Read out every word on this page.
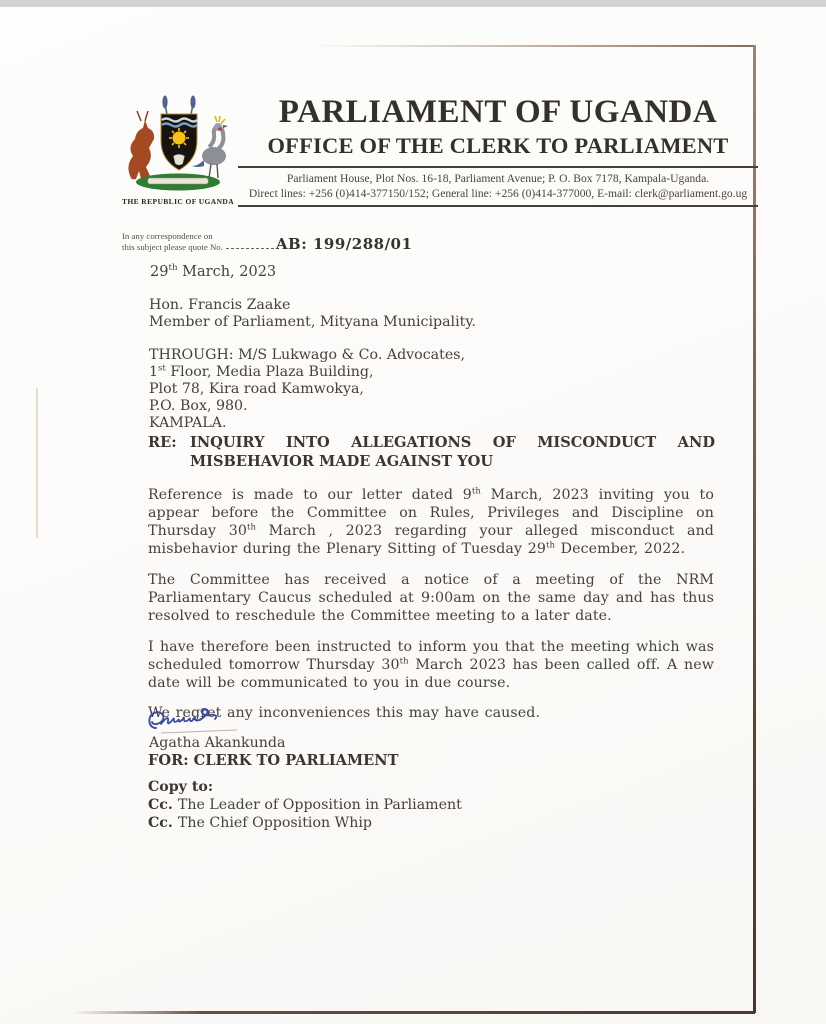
THE REPUBLIC OF UGANDA
PARLIAMENT OF UGANDA
OFFICE OF THE CLERK TO PARLIAMENT
Parliament House, Plot Nos. 16-18, Parliament Avenue; P. O. Box 7178, Kampala-Uganda.
Direct lines: +256 (0)414-377150/152; General line: +256 (0)414-377000, E-mail: clerk@parliament.go.ug
In any correspondence on
this subject please quote No.	AB: 199/288/01
29th March, 2023
Hon. Francis Zaake
Member of Parliament, Mityana Municipality.
THROUGH: M/S Lukwago & Co. Advocates,
1st Floor, Media Plaza Building,
Plot 78, Kira road Kamwokya,
P.O. Box, 980.
KAMPALA.
RE: INQUIRY INTO ALLEGATIONS OF MISCONDUCT AND MISBEHAVIOR MADE AGAINST YOU

Reference is made to our letter dated 9th March, 2023 inviting you to appear before the Committee on Rules, Privileges and Discipline on Thursday 30th March , 2023 regarding your alleged misconduct and misbehavior during the Plenary Sitting of Tuesday 29th December, 2022.

The Committee has received a notice of a meeting of the NRM Parliamentary Caucus scheduled at 9:00am on the same day and has thus resolved to reschedule the Committee meeting to a later date.

I have therefore been instructed to inform you that the meeting which was scheduled tomorrow Thursday 30th March 2023 has been called off. A new date will be communicated to you in due course.

We regret any inconveniences this may have caused.

Agatha Akankunda
FOR: CLERK TO PARLIAMENT
Copy to:
Cc. The Leader of Opposition in Parliament
Cc. The Chief Opposition Whip
